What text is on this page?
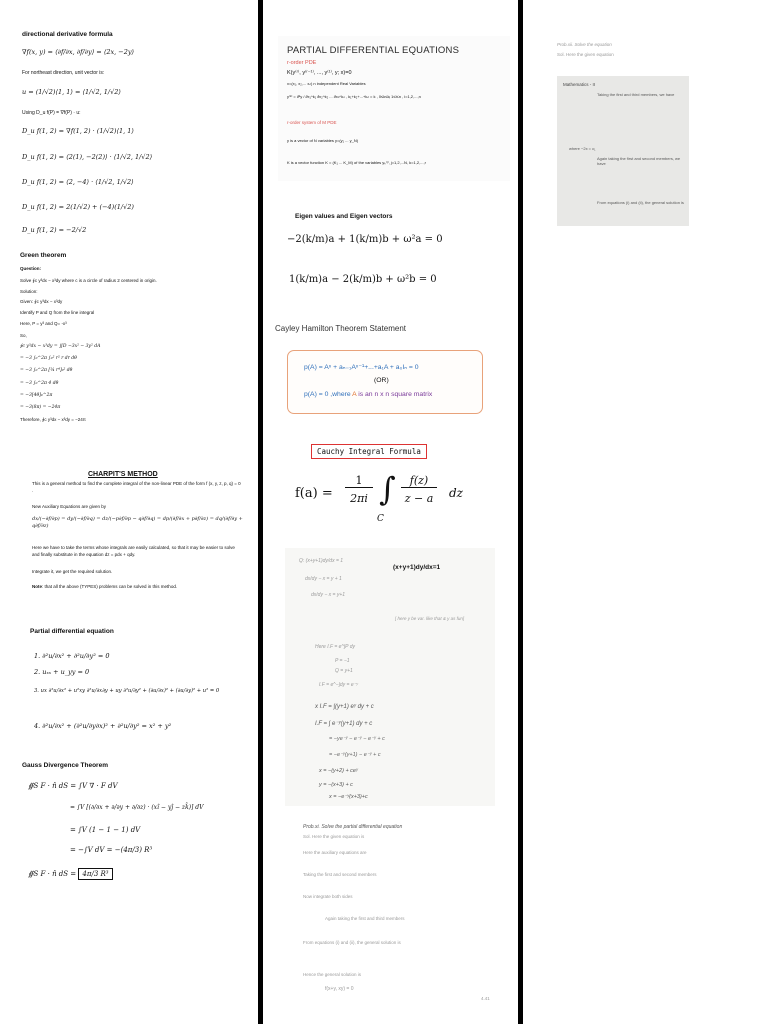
directional derivative formula
∇f(x, y) = ⟨∂f/∂x, ∂f/∂y⟩ = ⟨2x, −2y⟩
For northeast direction, unit vector is:
u = (1/√2)⟨1, 1⟩ = ⟨1/√2, 1/√2⟩
Using D_u f(P) = ∇f(P) · u:
D_u f(1, 2) = ∇f(1, 2) · (1/√2)⟨1, 1⟩
D_u f(1, 2) = ⟨2(1), −2(2)⟩ · ⟨1/√2, 1/√2⟩
D_u f(1, 2) = ⟨2, −4⟩ · ⟨1/√2, 1/√2⟩
D_u f(1, 2) = 2(1/√2) + (−4)(1/√2)
D_u f(1, 2) = −2/√2
Green theorem
Question:
Solve ∮c y³dx − x³dy where c is a circle of radius 2 centered in origin.
Solution:
Given: ∮c y³dx − x³dy
Identify P and Q from the line integral
Here, P = y³ and Q= -x³
So,
∮c y³dx − x³dy = ∬D −3x² − 3y² dA
= −3 ∫₀^2π ∫₀² r² r dr dθ
= −3 ∫₀^2π [¼ r⁴]₀² dθ
= −3 ∫₀^2π 4 dθ
= −3[4θ]₀^2π
= −3(8π) = −24π
Therefore, ∮c y³dx − x³dy = −24π
CHARPIT'S METHOD
This is a general method to find the complete integral of the non-linear PDE of the form f (x, y, z, p, q) = 0 .
New Auxiliary Equations are given by
dx/(−∂f/∂p) = dy/(−∂f/∂q) = dz/(−p∂f/∂p − q∂f/∂q) = dp/(∂f/∂x + p∂f/∂z) = dq/(∂f/∂y + q∂f/∂z)
Here we have to take the terms whose integrals are easily calculated, so that it may be easier to solve and finally substitute in the equation dz = pdx + qdy.
Integrate it, we get the required solution.
Note: that all the above (TYPES) problems can be solved in this method.
Partial differential equation
1. ∂²u/∂x² + ∂²u/∂y² = 0
2. uₓₓ + u_yy = 0
3. ux ∂²u/∂x² + u²xy ∂²u/∂x∂y + uy ∂²u/∂y² + (∂u/∂x)² + (∂u/∂y)² + u² = 0
4. ∂²u/∂x² + (∂²u/∂y∂x)² + ∂²u/∂y² = x² + y²
Gauss Divergence Theorem
∯S F · n̂ dS = ∫V ∇ · F dV
= ∫V [(∂/∂x + ∂/∂y + ∂/∂z) · (xî − yĵ − zk̂)] dV
= ∫V (1 − 1 − 1) dV
= −∫V dV = −(4π/3) R³
∯S F · n̂ dS = 4π/3 R³
PARTIAL DIFFERENTIAL EQUATIONS
r-order PDE
K(y⁽ʳ⁾, y⁽ʳ⁻¹⁾, ..., y⁽¹⁾, y; x)=0
x=(x₁, x₂,... xₙ) n independent Real Variables
y⁽ᵏ⁾ = ∂ᵏy / ∂x₁^k₁ ∂x₂^k₂ ... ∂xₙ^kₙ , k₁+k₂+...+kₙ = k , 0≤k≤kᵢ 1≤i≤n , i=1,2,...,n
r-order system of M PDE
y is a vector of N variables y=(y₁ ... y_N)
K is a vector function K = (K₁ ... K_M) of the variables yₖ⁽ʲ⁾, j=1,2,...N, k=1,2,...,r
Eigen values and Eigen vectors
−2(k/m)a + 1(k/m)b + ω²a = 0
1(k/m)a − 2(k/m)b + ω²b = 0
Cayley Hamilton Theorem Statement
p(A) = Aⁿ + aₙ₋₁Aⁿ⁻¹+...+a₁A + a₀Iₙ = 0
(OR)
p(A) = 0 ,where A is an n x n square matrix
Cauchy Integral Formula
f(a) =
1
2πi ∫
C
f(z)
z − a	dz
(x+y+1)dy/dx=1
Q: (x+y+1)dy/dx = 1
dx/dy − x = y + 1
dx/dy − x = y+1
[ here y be var. like that & y as fun]
Here I.F = e^∫P dy
P = −1
Q = y+1
I.F = e^−∫dy = e⁻ʸ
x I.F = ∫(y+1) eʸ dy + c
I.F = ∫ e⁻ʸ(y+1) dy + c
= −ye⁻ʸ − e⁻ʸ − e⁻ʸ + c
= −e⁻ʸ(y+1) − e⁻ʸ + c
x = −(y+2) + ceʸ
y = −(x+3) + c
x = −e⁻ʸ(x+3)+c
Prob.xi. Solve the partial differential equation
Sol. Here the given equation is
Here the auxiliary equations are
Taking the first and second members
Now integrate both sides
Again taking the first and third members
From equations (i) and (ii), the general solution is
Hence the general solution is
f(x+y, xy) = 0
4.41
Prob.xii. Solve the equation
Sol. Here the given equation
Mathematics - II
Taking the first and third members, we have
where −2x = c₁
Again taking the first and second members, we have
From equations (i) and (ii), the general solution is
